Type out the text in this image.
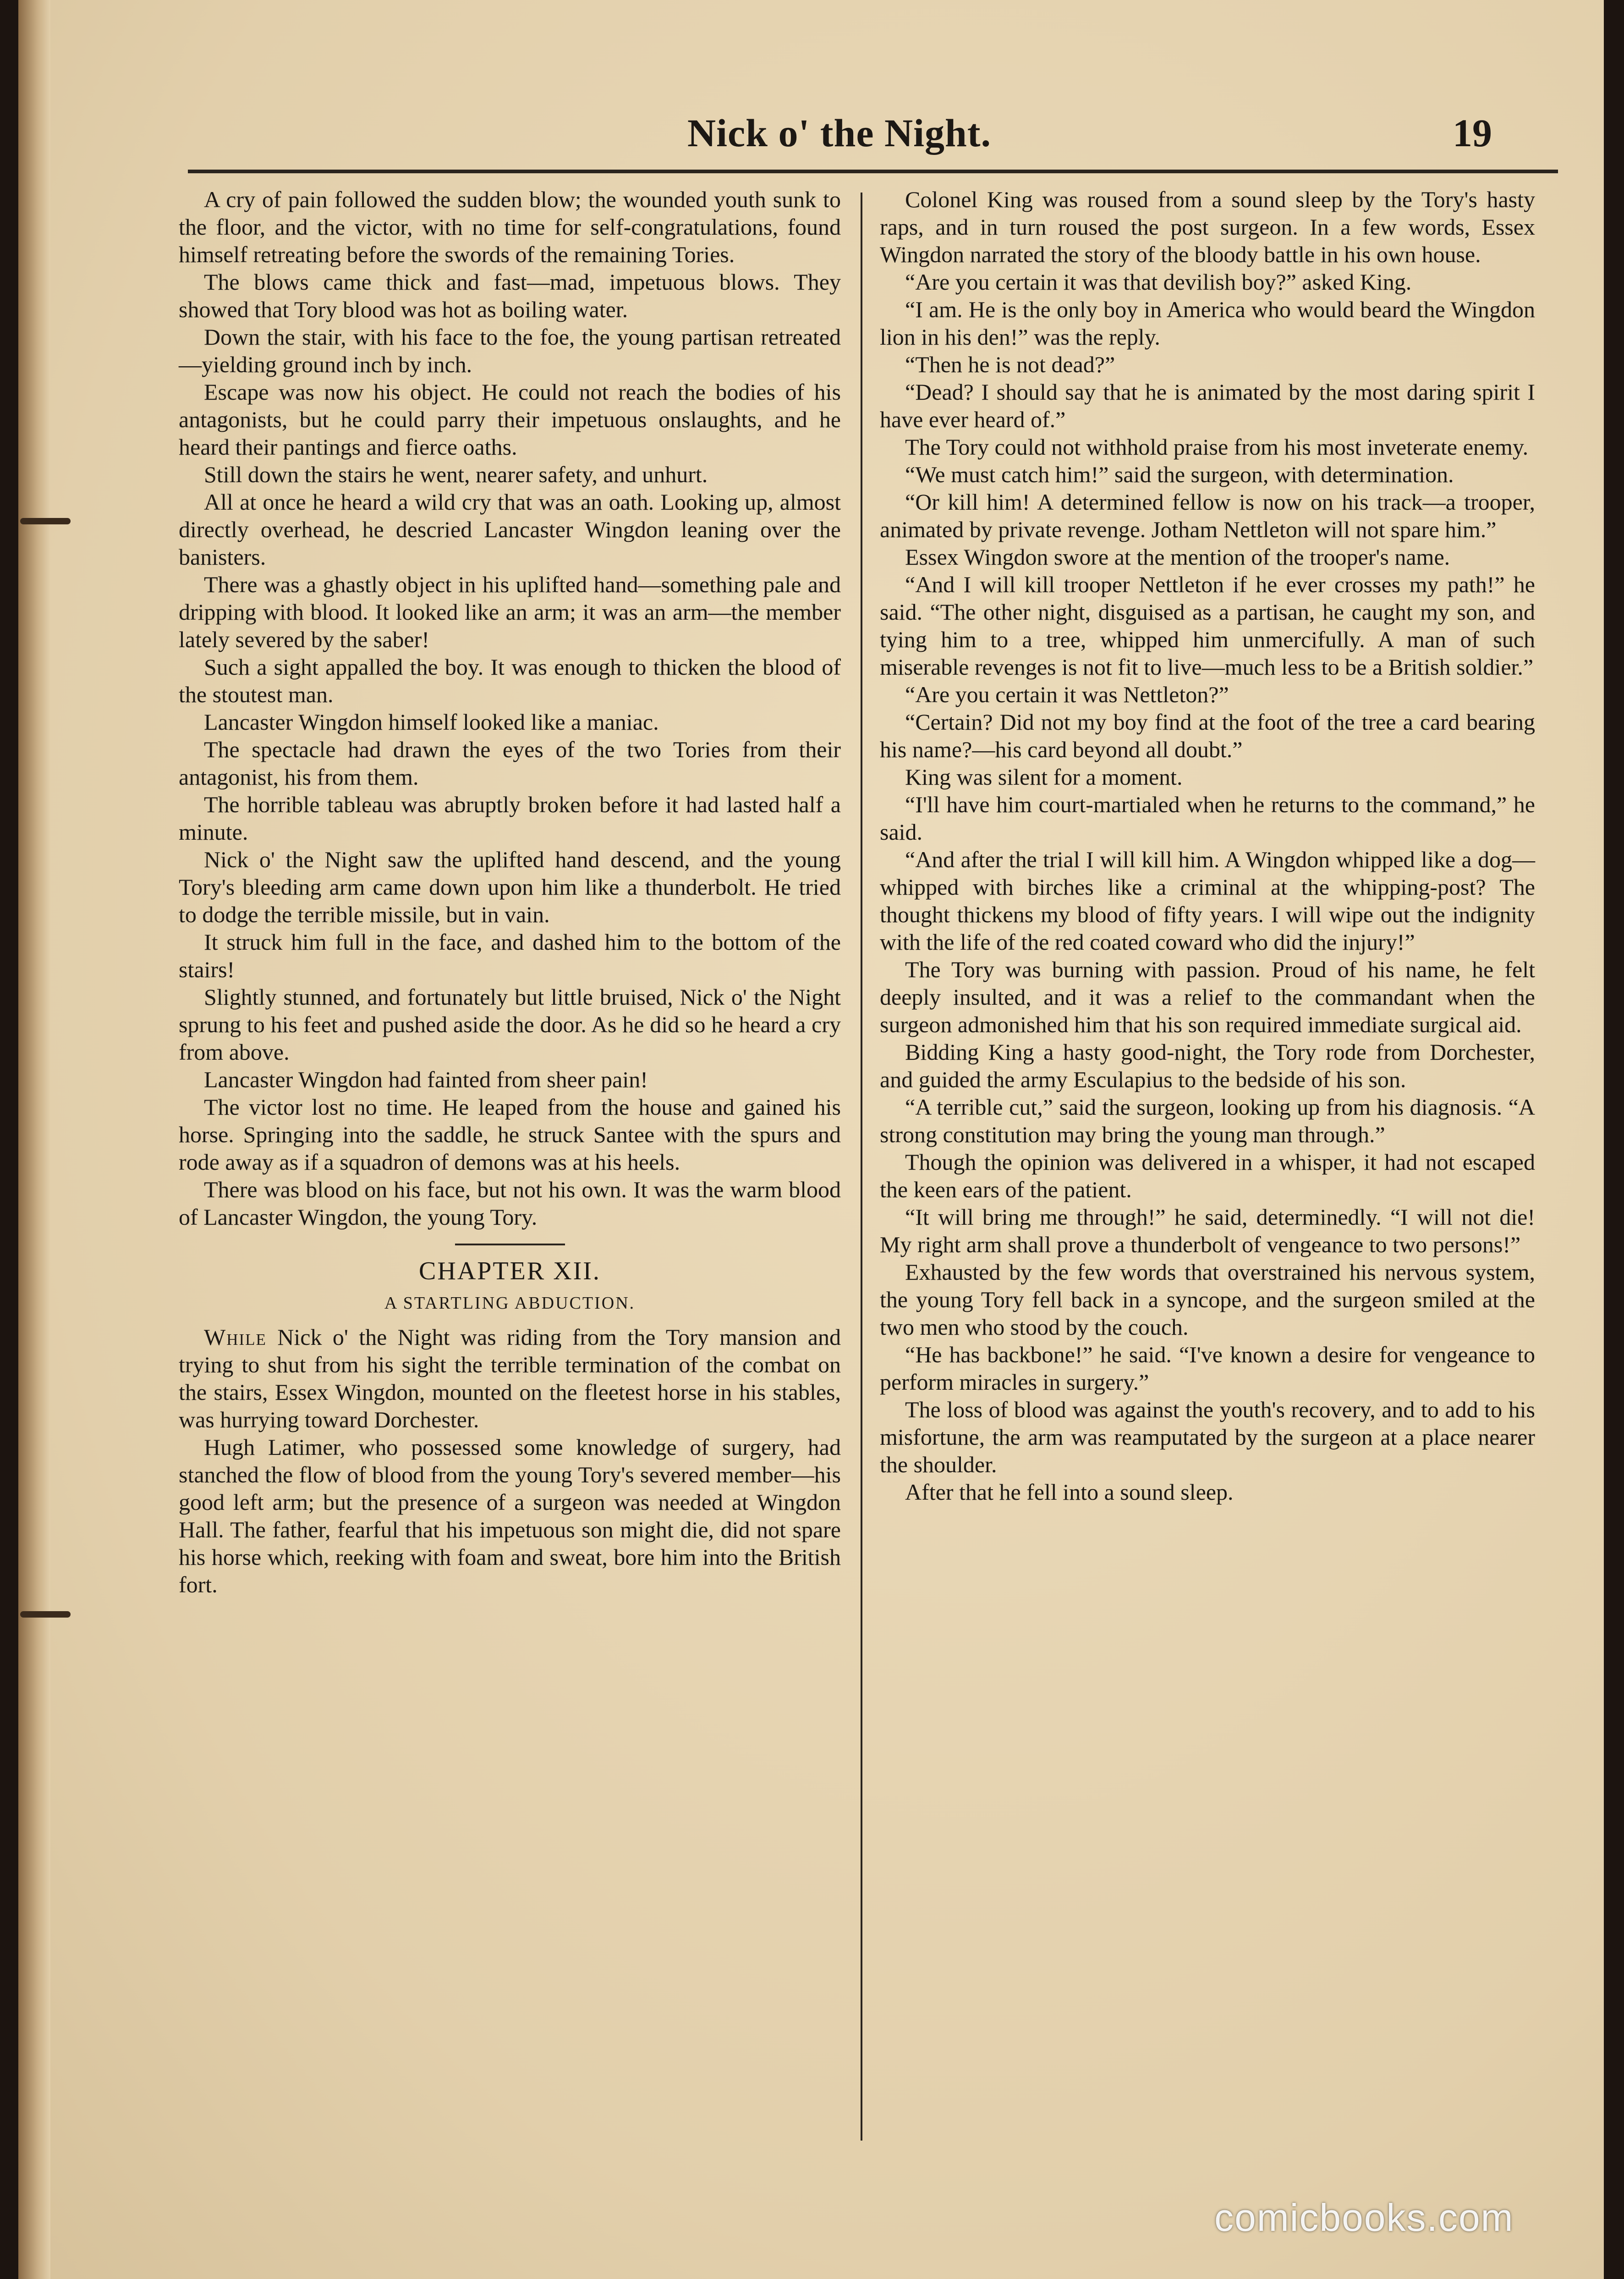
Nick o' the Night.	19

A cry of pain followed the sudden blow; the wounded youth sunk to the floor, and the victor, with no time for self-congratulations, found himself retreating before the swords of the remaining Tories.

The blows came thick and fast—mad, impetuous blows. They showed that Tory blood was hot as boiling water.

Down the stair, with his face to the foe, the young partisan retreated—yielding ground inch by inch.

Escape was now his object. He could not reach the bodies of his antagonists, but he could parry their impetuous onslaughts, and he heard their pantings and fierce oaths.

Still down the stairs he went, nearer safety, and unhurt.

All at once he heard a wild cry that was an oath. Looking up, almost directly overhead, he descried Lancaster Wingdon leaning over the banisters.

There was a ghastly object in his uplifted hand—something pale and dripping with blood. It looked like an arm; it was an arm—the member lately severed by the saber!

Such a sight appalled the boy. It was enough to thicken the blood of the stoutest man.

Lancaster Wingdon himself looked like a maniac.

The spectacle had drawn the eyes of the two Tories from their antagonist, his from them.

The horrible tableau was abruptly broken before it had lasted half a minute.

Nick o' the Night saw the uplifted hand descend, and the young Tory's bleeding arm came down upon him like a thunderbolt. He tried to dodge the terrible missile, but in vain.

It struck him full in the face, and dashed him to the bottom of the stairs!

Slightly stunned, and fortunately but little bruised, Nick o' the Night sprung to his feet and pushed aside the door. As he did so he heard a cry from above.

Lancaster Wingdon had fainted from sheer pain!

The victor lost no time. He leaped from the house and gained his horse. Springing into the saddle, he struck Santee with the spurs and rode away as if a squadron of demons was at his heels.

There was blood on his face, but not his own. It was the warm blood of Lancaster Wingdon, the young Tory.

CHAPTER XII.
A STARTLING ABDUCTION.

While Nick o' the Night was riding from the Tory mansion and trying to shut from his sight the terrible termination of the combat on the stairs, Essex Wingdon, mounted on the fleetest horse in his stables, was hurrying toward Dorchester.

Hugh Latimer, who possessed some knowledge of surgery, had stanched the flow of blood from the young Tory's severed member—his good left arm; but the presence of a surgeon was needed at Wingdon Hall. The father, fearful that his impetuous son might die, did not spare his horse which, reeking with foam and sweat, bore him into the British fort.

Colonel King was roused from a sound sleep by the Tory's hasty raps, and in turn roused the post surgeon. In a few words, Essex Wingdon narrated the story of the bloody battle in his own house.

“Are you certain it was that devilish boy?” asked King.

“I am. He is the only boy in America who would beard the Wingdon lion in his den!” was the reply.

“Then he is not dead?”

“Dead? I should say that he is animated by the most daring spirit I have ever heard of.”

The Tory could not withhold praise from his most inveterate enemy.

“We must catch him!” said the surgeon, with determination.

“Or kill him! A determined fellow is now on his track—a trooper, animated by private revenge. Jotham Nettleton will not spare him.”

Essex Wingdon swore at the mention of the trooper's name.

“And I will kill trooper Nettleton if he ever crosses my path!” he said. “The other night, disguised as a partisan, he caught my son, and tying him to a tree, whipped him unmercifully. A man of such miserable revenges is not fit to live—much less to be a British soldier.”

“Are you certain it was Nettleton?”

“Certain? Did not my boy find at the foot of the tree a card bearing his name?—his card beyond all doubt.”

King was silent for a moment.

“I'll have him court-martialed when he returns to the command,” he said.

“And after the trial I will kill him. A Wingdon whipped like a dog—whipped with birches like a criminal at the whipping-post? The thought thickens my blood of fifty years. I will wipe out the indignity with the life of the red coated coward who did the injury!”

The Tory was burning with passion. Proud of his name, he felt deeply insulted, and it was a relief to the commandant when the surgeon admonished him that his son required immediate surgical aid.

Bidding King a hasty good-night, the Tory rode from Dorchester, and guided the army Esculapius to the bedside of his son.

“A terrible cut,” said the surgeon, looking up from his diagnosis. “A strong constitution may bring the young man through.”

Though the opinion was delivered in a whisper, it had not escaped the keen ears of the patient.

“It will bring me through!” he said, determinedly. “I will not die! My right arm shall prove a thunderbolt of vengeance to two persons!”

Exhausted by the few words that overstrained his nervous system, the young Tory fell back in a syncope, and the surgeon smiled at the two men who stood by the couch.

“He has backbone!” he said. “I've known a desire for vengeance to perform miracles in surgery.”

The loss of blood was against the youth's recovery, and to add to his misfortune, the arm was reamputated by the surgeon at a place nearer the shoulder.

After that he fell into a sound sleep.

comicbooks.com
